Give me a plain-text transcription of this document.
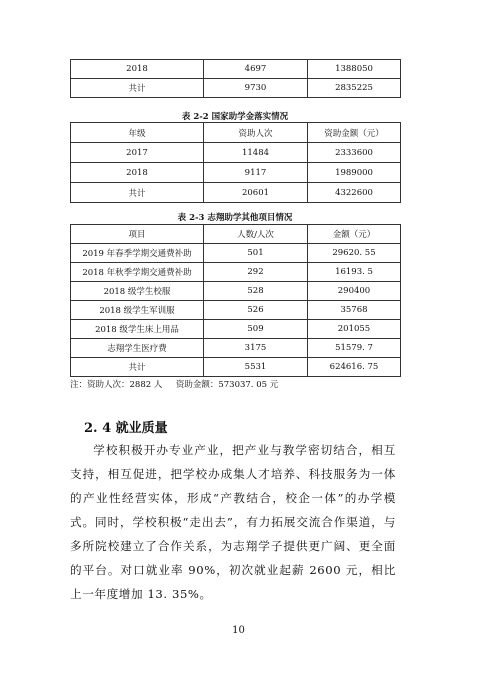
2018	4697	1388050
共计	9730	2835225
表 2-2 国家助学金落实情况
年级	资助人次	资助金额（元）
2017	11484	2333600
2018	9117	1989000
共计	20601	4322600
表 2-3 志翔助学其他项目情况
项目	人数/人次	金额（元）
2019 年春季学期交通费补助	501	29620. 55
2018 年秋季学期交通费补助	292	16193. 5
2018 级学生校服	528	290400
2018 级学生军训服	526	35768
2018 级学生床上用品	509	201055
志翔学生医疗费	3175	51579. 7
共计	5531	624616. 75
注：资助人次：2882 人     资助金额：573037. 05 元
2. 4 就业质量

学校积极开办专业产业，把产业与教学密切结合，相互支持，相互促进，把学校办成集人才培养、科技服务为一体的产业性经营实体，形成“产教结合，校企一体”的办学模式。同时，学校积极“走出去”，有力拓展交流合作渠道，与多所院校建立了合作关系，为志翔学子提供更广阔、更全面的平台。对口就业率 90%，初次就业起薪 2600 元，相比上一年度增加 13. 35%。

10
